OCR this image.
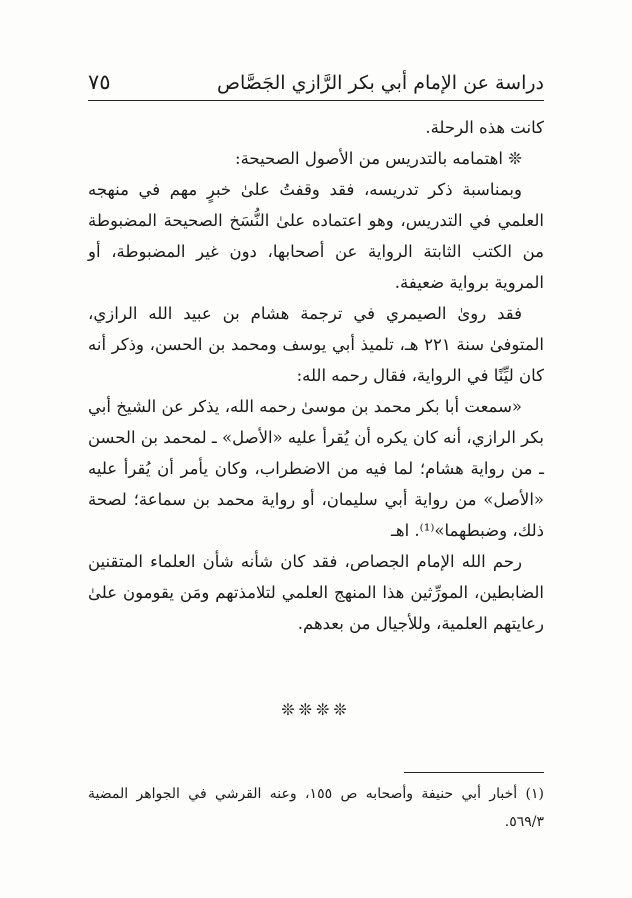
دراسة عن الإمام أبي بكر الرَّازي الجَصَّاص
٧٥

كانت هذه الرحلة.

❊ اهتمامه بالتدريس من الأصول الصحيحة:

وبمناسبة ذكر تدريسه، فقد وقفتُ علىٰ خبرٍ مهم في منهجه العلمي في التدريس، وهو اعتماده علىٰ النُّسَخ الصحيحة المضبوطة من الكتب الثابتة الرواية عن أصحابها، دون غير المضبوطة، أو المروية برواية ضعيفة.

فقد روىٰ الصيمري في ترجمة هشام بن عبيد الله الرازي، المتوفىٰ سنة ٢٢١ هـ، تلميذ أبي يوسف ومحمد بن الحسن، وذكر أنه كان ليِّنًا في الرواية، فقال رحمه الله:

«سمعت أبا بكر محمد بن موسىٰ رحمه الله، يذكر عن الشيخ أبي بكر الرازي، أنه كان يكره أن يُقرأ عليه «الأصل» ـ لمحمد بن الحسن ـ من رواية هشام؛ لما فيه من الاضطراب، وكان يأمر أن يُقرأ عليه «الأصل» من رواية أبي سليمان، أو رواية محمد بن سماعة؛ لصحة ذلك، وضبطهما»⁽¹⁾. اهـ

رحم الله الإمام الجصاص، فقد كان شأنه شأن العلماء المتقنين الضابطين، المورِّثين هذا المنهج العلمي لتلامذتهم ومَن يقومون علىٰ رعايتهم العلمية، وللأجيال من بعدهم.

❊❊❊❊

(١) أخبار أبي حنيفة وأصحابه ص ١٥٥، وعنه القرشي في الجواهر المضية ٥٦٩/٣.
